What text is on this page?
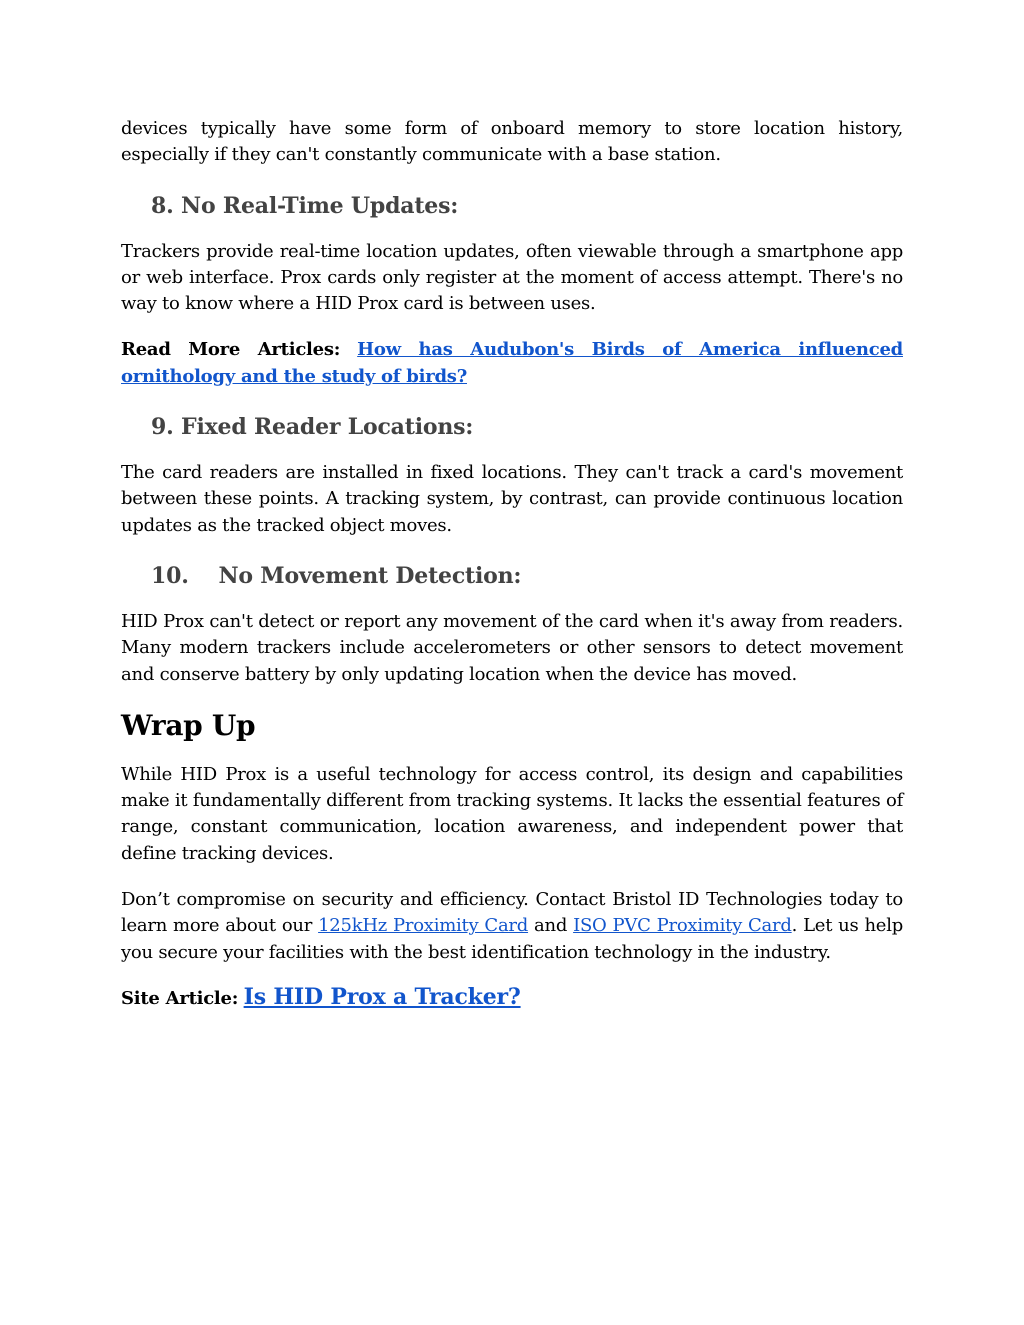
devices typically have some form of onboard memory to store location history, especially if they can't constantly communicate with a base station.

8. No Real-Time Updates:

Trackers provide real-time location updates, often viewable through a smartphone app or web interface. Prox cards only register at the moment of access attempt. There's no way to know where a HID Prox card is between uses.

Read More Articles: How has Audubon's Birds of America influenced ornithology and the study of birds?

9. Fixed Reader Locations:

The card readers are installed in fixed locations. They can't track a card's movement between these points. A tracking system, by contrast, can provide continuous location updates as the tracked object moves.

10. No Movement Detection:

HID Prox can't detect or report any movement of the card when it's away from readers. Many modern trackers include accelerometers or other sensors to detect movement and conserve battery by only updating location when the device has moved.

Wrap Up

While HID Prox is a useful technology for access control, its design and capabilities make it fundamentally different from tracking systems. It lacks the essential features of range, constant communication, location awareness, and independent power that define tracking devices.

Don’t compromise on security and efficiency. Contact Bristol ID Technologies today to learn more about our 125kHz Proximity Card and ISO PVC Proximity Card. Let us help you secure your facilities with the best identification technology in the industry.

Site Article: Is HID Prox a Tracker?
